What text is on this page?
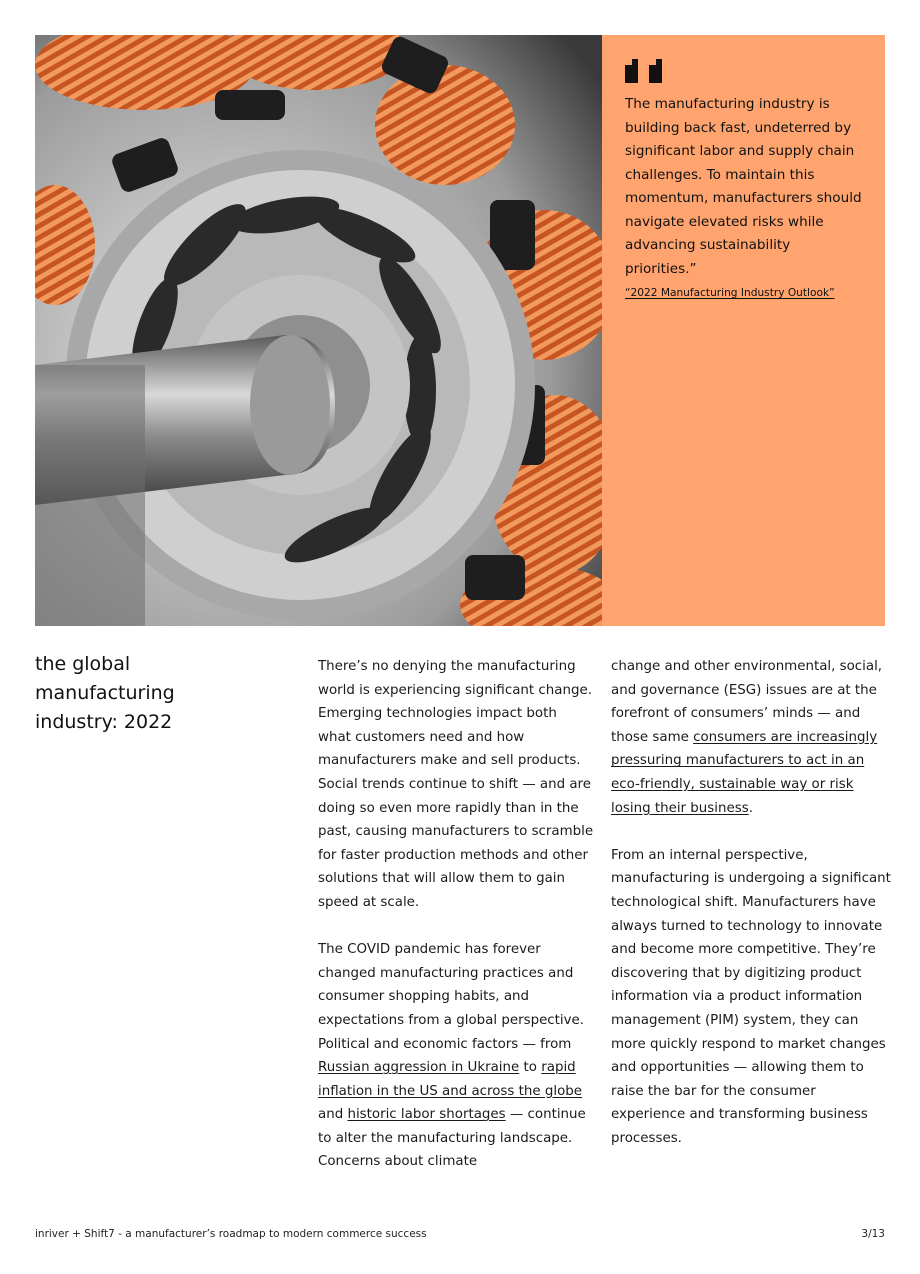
The manufacturing industry is building back fast, undeterred by significant labor and supply chain challenges. To maintain this momentum, manufacturers should navigate elevated risks while advancing sustainability priorities.”

“2022 Manufacturing Industry Outlook”
the global manufacturing industry: 2022

There’s no denying the manufacturing world is experiencing significant change. Emerging technologies impact both what customers need and how manufacturers make and sell products. Social trends continue to shift — and are doing so even more rapidly than in the past, causing manufacturers to scramble for faster production methods and other solutions that will allow them to gain speed at scale.

The COVID pandemic has forever changed manufacturing practices and consumer shopping habits, and expectations from a global perspective. Political and economic factors — from Russian aggression in Ukraine to rapid inflation in the US and across the globe and historic labor shortages — continue to alter the manufacturing landscape. Concerns about climate

change and other environmental, social, and governance (ESG) issues are at the forefront of consumers’ minds — and those same consumers are increasingly pressuring manufacturers to act in an eco-friendly, sustainable way or risk losing their business.

From an internal perspective, manufacturing is undergoing a significant technological shift. Manufacturers have always turned to technology to innovate and become more competitive. They’re discovering that by digitizing product information via a product information management (PIM) system, they can more quickly respond to market changes and opportunities — allowing them to raise the bar for the consumer experience and transforming business processes.

inriver + Shift7 - a manufacturer’s roadmap to modern commerce success	3/13
